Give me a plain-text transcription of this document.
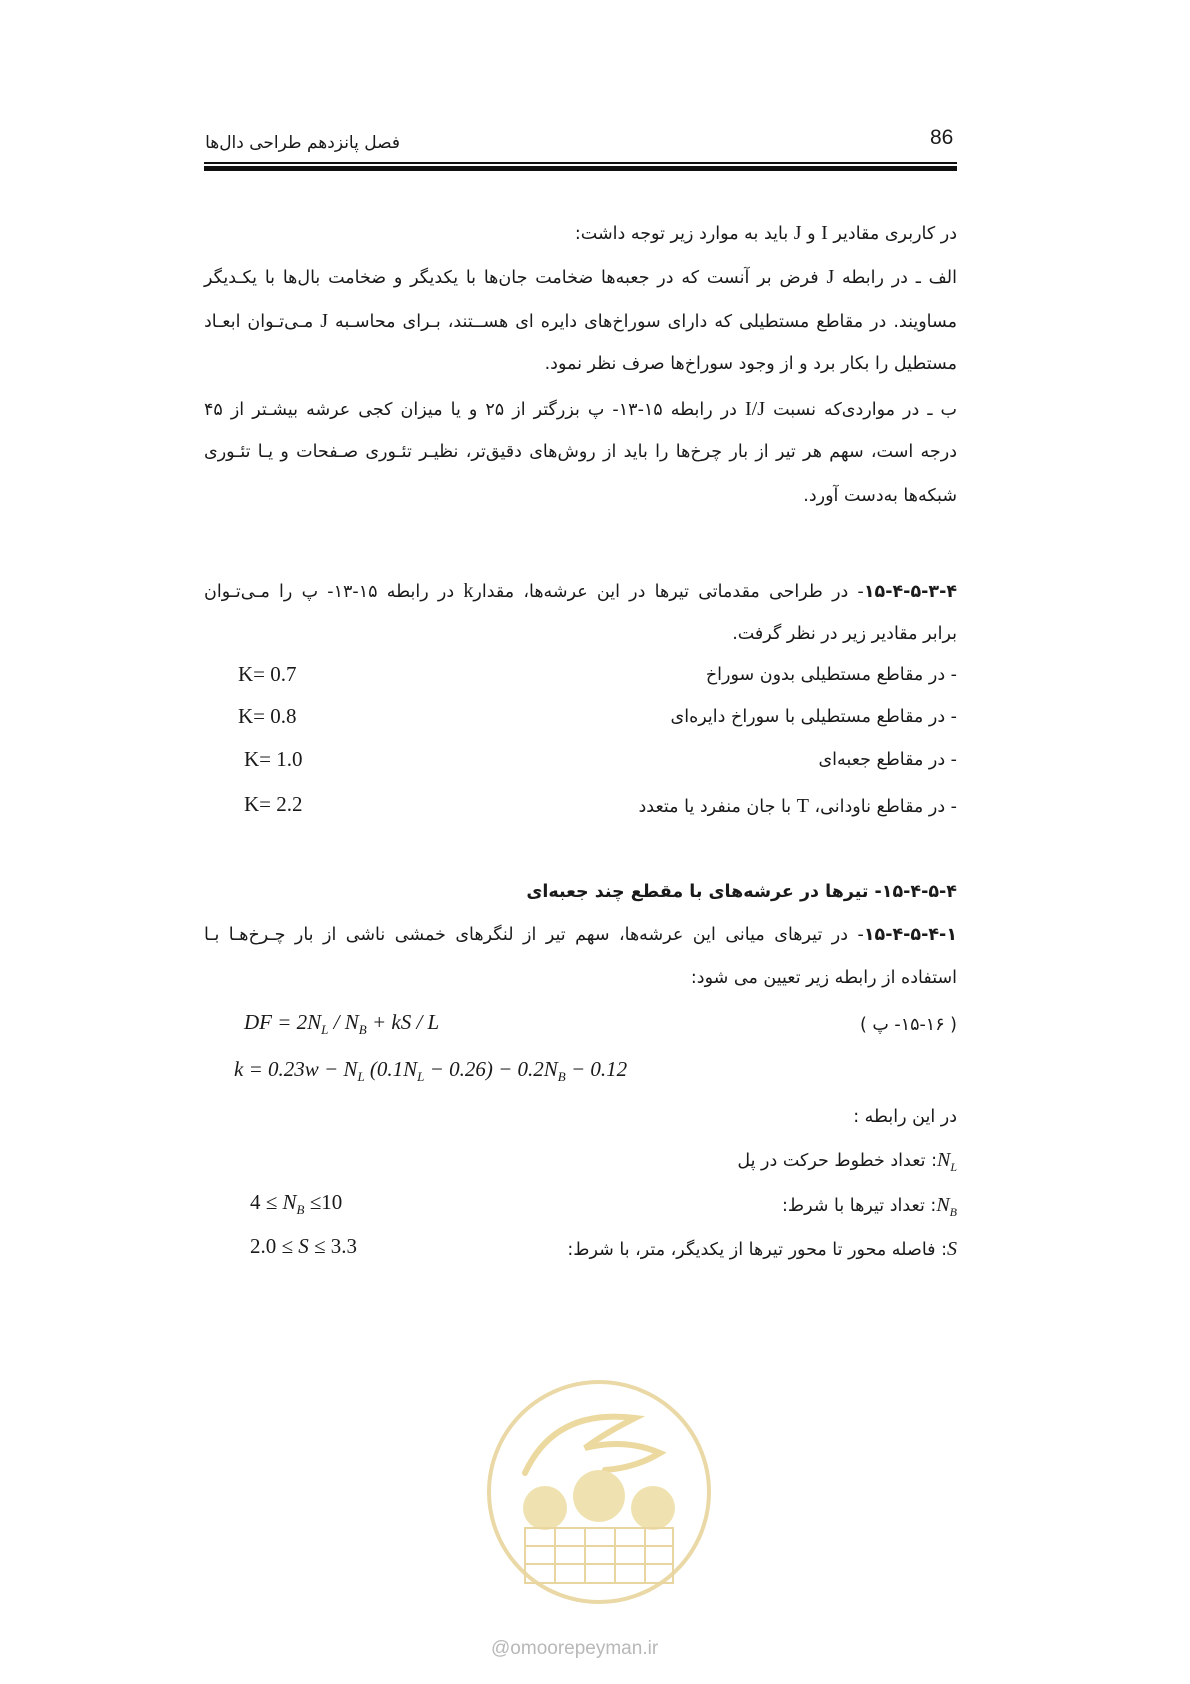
86
فصل پانزدهم طراحی دال‌ها
در کاربری مقادیر I و J باید به موارد زیر توجه داشت:
الف ـ در رابطه J فرض بر آنست که در جعبه‌ها ضخامت جان‌ها با یکدیگر و ضخامت بال‌ها با یکـدیگر
مساویند. در مقاطع مستطیلی که دارای سوراخ‌های دایره ای هســتند، بـرای محاسـبه J مـی‌تـوان ابعـاد
مستطیل را بکار برد و از وجود سوراخ‌ها صرف نظر نمود.
ب ـ در مواردی‌که نسبت I/J در رابطه ۱۵-۱۳- پ بزرگتر از ۲۵ و یا میزان کجی عرشه بیشـتر از ۴۵
درجه است، سهم هر تیر از بار چرخ‌ها را باید از روش‌های دقیق‌تر، نظیـر تئـوری صـفحات و یـا تئـوری
شبکه‌ها به‌دست آورد.
۱۵-۴-۵-۳-۴- در طراحی مقدماتی تیرها در این عرشه‌ها، مقدارk در رابطه ۱۵-۱۳- پ را مـی‌تـوان
برابر مقادیر زیر در نظر گرفت.
- در مقاطع مستطیلی بدون سوراخ
K= 0.7
- در مقاطع مستطیلی با سوراخ دایره‌ای
K= 0.8
- در مقاطع جعبه‌ای
K= 1.0
- در مقاطع ناودانی، T با جان منفرد یا متعدد
K= 2.2
۱۵-۴-۵-۴- تیرها در عرشه‌های با مقطع چند جعبه‌ای
۱۵-۴-۵-۴-۱- در تیرهای میانی این عرشه‌ها، سهم تیر از لنگرهای خمشی ناشی از بار چـرخ‌هـا بـا
استفاده از رابطه زیر تعیین می شود:
DF = $2N_L / N_B$ + kS / L	( ۱۵-۱۶- پ )
$k = 0.23w - N_L$ $(0.1N_L - 0.26) - 0.2N_B - 0.12$
در این رابطه :
$N_L$: تعداد خطوط حرکت در پل
$N_B$: تعداد تیرها با شرط:
$4 \le N_B \le 10$
S: فاصله محور تا محور تیرها از یکدیگر، متر، با شرط:
2.0 ≤ S ≤ 3.3
@omoorepeyman.ir
